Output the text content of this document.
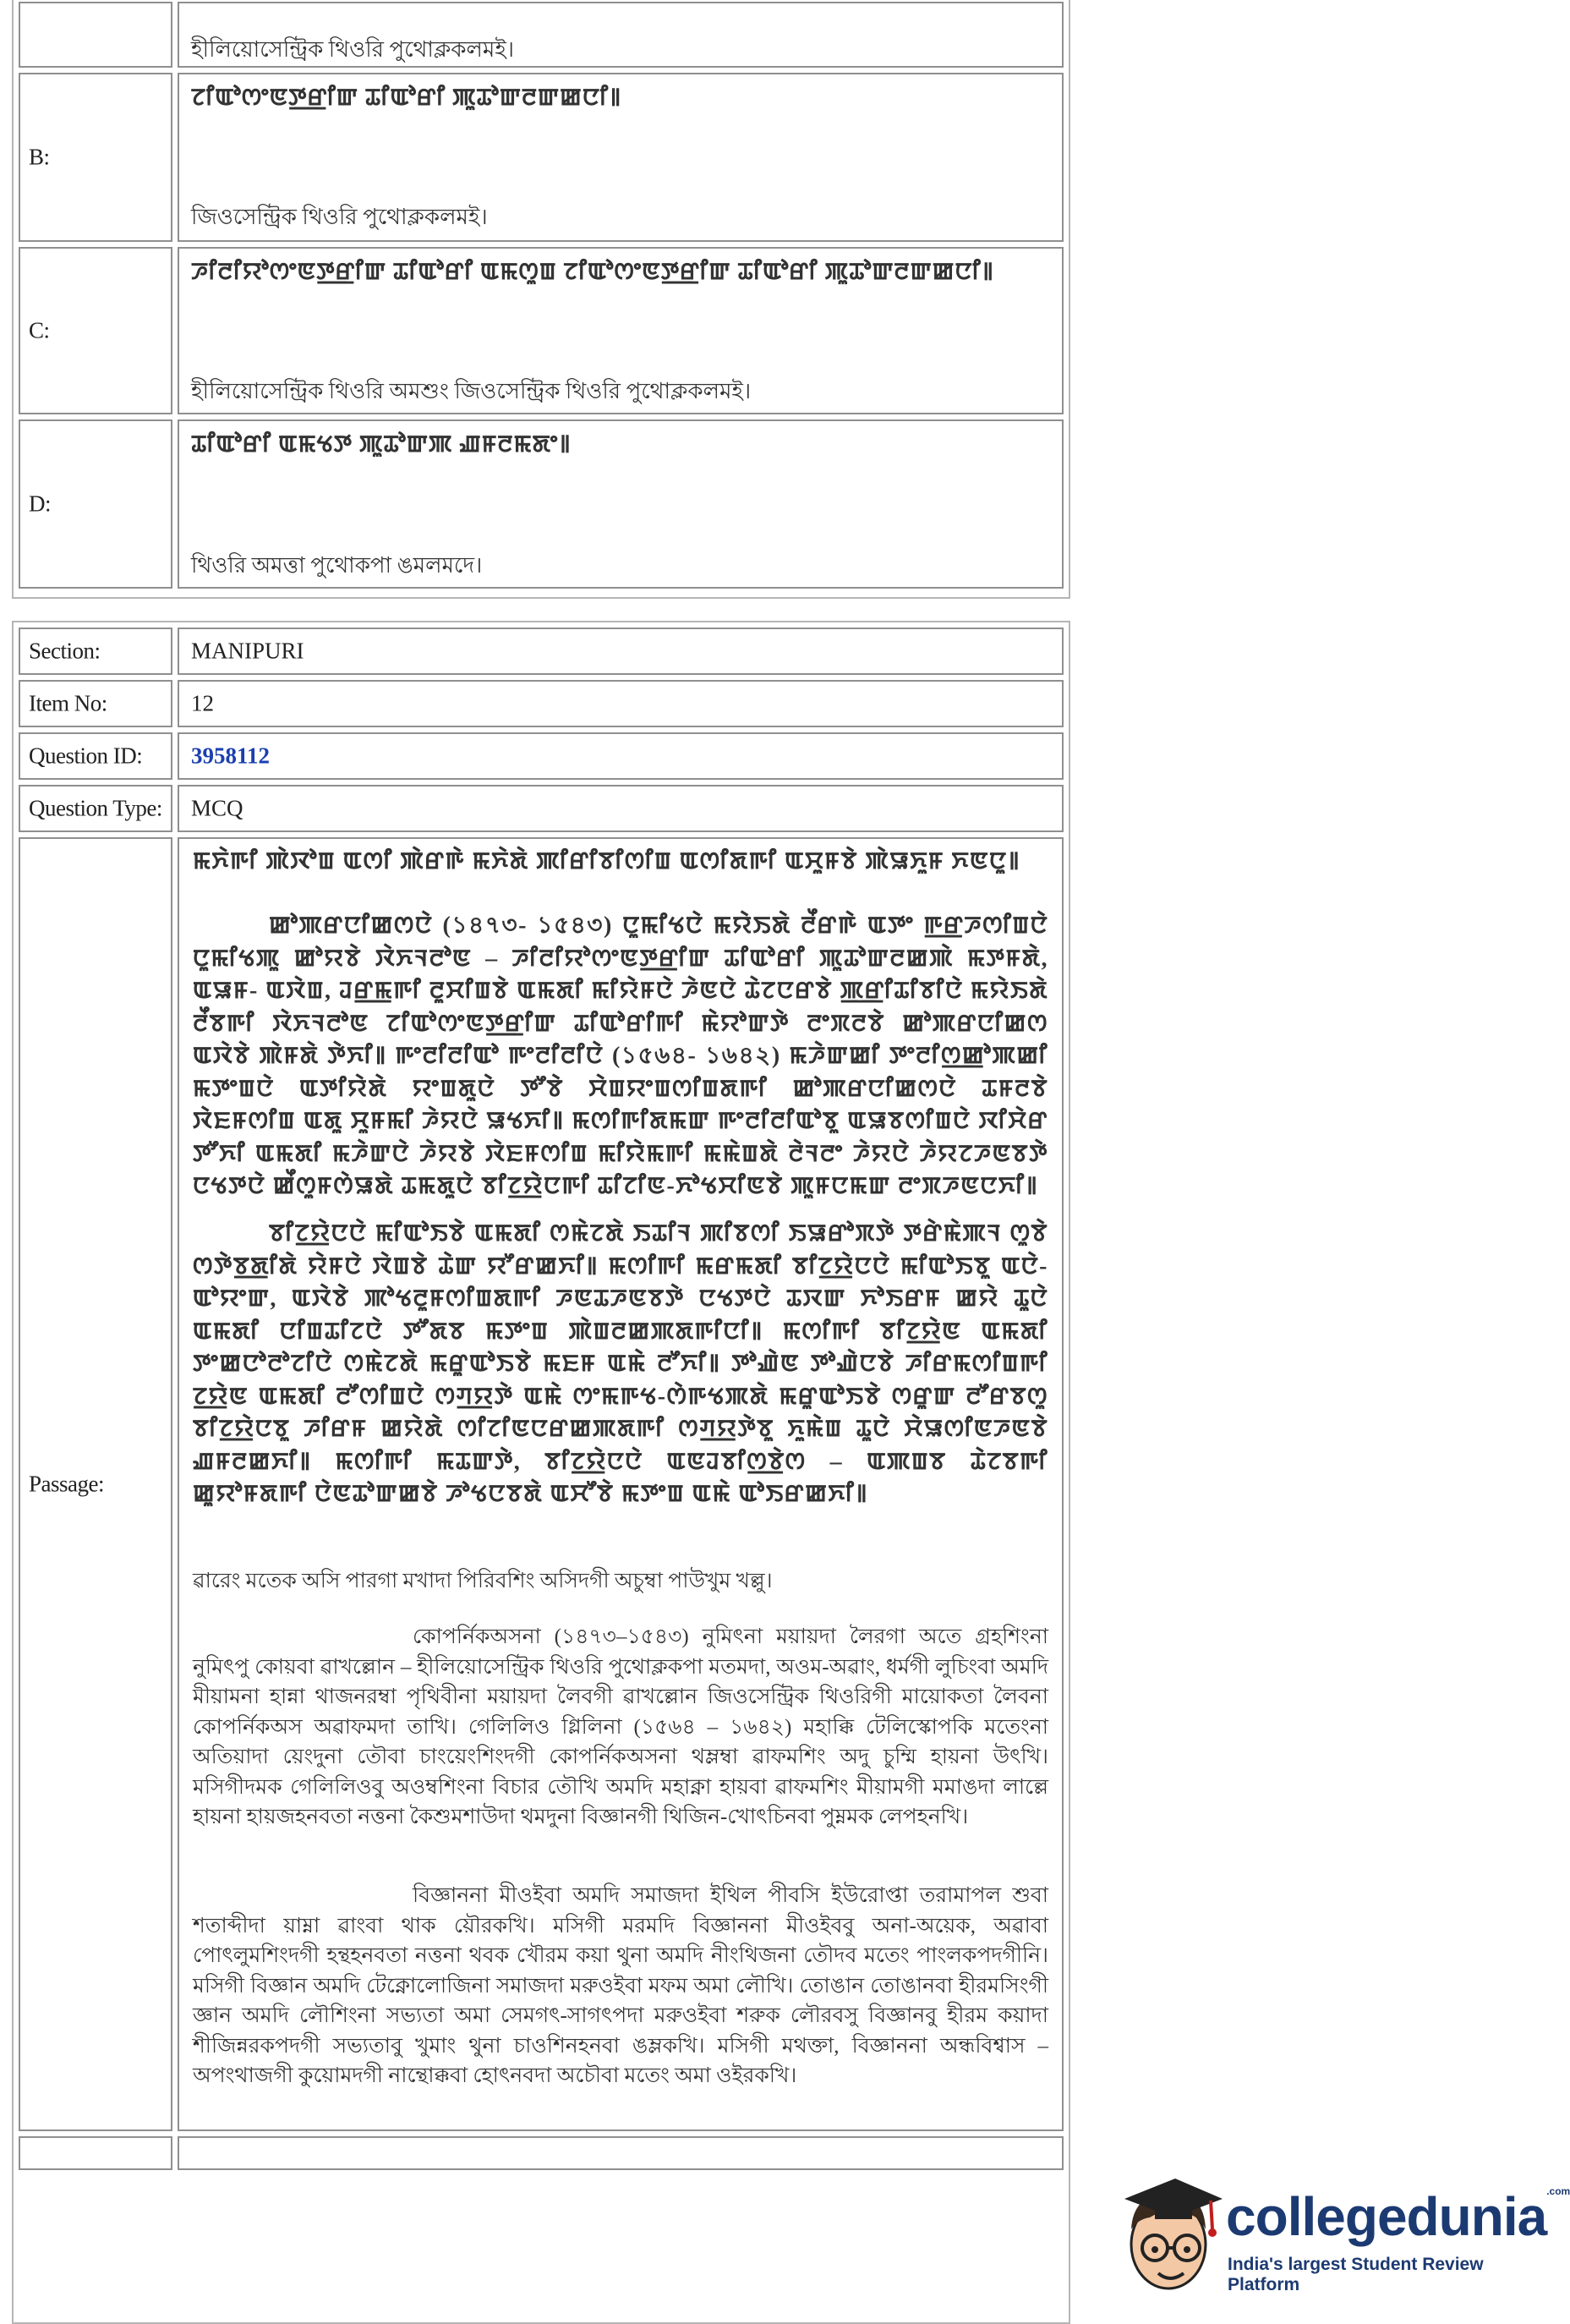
হীলিয়োসেন্ট্রিক থিওরি পুথোক্লকলমই।
B:
ꯖꯤꯑꯣꯁꯦꯟꯇ꯭ꯔꯤꯛ ꯊꯤꯑꯣꯔꯤ ꯄꯨꯊꯣꯛꯂꯛꯀꯅꯤ꯫
জিওসেন্ট্রিক থিওরি পুথোক্লকলমই।
C:
ꯍꯤꯂꯤꯌꯣꯁꯦꯟꯇ꯭ꯔꯤꯛ ꯊꯤꯑꯣꯔꯤ ꯑꯃꯁꯨꯡ ꯖꯤꯑꯣꯁꯦꯟꯇ꯭ꯔꯤꯛ ꯊꯤꯑꯣꯔꯤ ꯄꯨꯊꯣꯛꯂꯛꯀꯅꯤ꯫
হীলিয়োসেন্ট্রিক থিওরি অমশুং জিওসেন্ট্রিক থিওরি পুথোক্লকলমই।
D:
ꯊꯤꯑꯣꯔꯤ ꯑꯃꯠꯇ ꯄꯨꯊꯣꯛꯄ ꯉꯝꯂꯃꯗꯦ꯫
থিওরি অমত্তা পুথোকপা ঙমলমদে।
Section:	MANIPURI
Item No:	12
Question ID: 3958112
Question Type: MCQ
Passage:
ꯃꯈꯥꯒꯤ ꯄꯥꯋꯣꯡ ꯑꯁꯤ ꯄꯥꯔꯒꯥ ꯃꯈꯥꯗꯥ ꯄꯤꯔꯤꯕꯤꯁꯤꯡ ꯑꯁꯤꯗꯒꯤ ꯑꯆꯨꯝꯕꯥ ꯄꯥꯎꯈꯨꯝ ꯈꯟꯅꯨ꯫
ꯀꯣꯄꯔꯅꯤꯀꯁꯅꯥ (১৪৭৩- ১৫৪৩) ꯅꯨꯃꯤꯠꯅꯥ ꯃꯌꯥꯏꯗꯥ ꯂꯩꯔꯒꯥ ꯑꯇꯦ ꯒ꯭ꯔꯍꯁꯤꯡꯅꯥ ꯅꯨꯃꯤꯠꯄꯨ ꯀꯣꯌꯕꯥ ꯋꯥꯈꯜꯂꯣꯟ – ꯍꯤꯂꯤꯌꯣꯁꯦꯟꯇ꯭ꯔꯤꯛ ꯊꯤꯑꯣꯔꯤ ꯄꯨꯊꯣꯛꯂꯀꯄꯥ ꯃꯇꯝꯗꯥ, ꯑꯎꯝ- ꯑꯋꯥꯡ, ꯙꯔ꯭ꯃꯒꯤ ꯂꯨꯆꯤꯡꯕꯥ ꯑꯃꯗꯤ ꯃꯤꯌꯥꯝꯅꯥ ꯍꯥꯟꯅꯥ ꯊꯥꯖꯅꯔꯕꯥ ꯄ꯭ꯔꯤꯊꯤꯕꯤꯅꯥ ꯃꯌꯥꯏꯗꯥ ꯂꯩꯕꯒꯤ ꯋꯥꯈꯜꯂꯣꯟ ꯖꯤꯑꯣꯁꯦꯟꯇ꯭ꯔꯤꯛ ꯊꯤꯑꯣꯔꯤꯒꯤ ꯃꯥꯌꯣꯛꯇꯥ ꯂꯦꯞꯂꯕꯥ ꯀꯣꯄꯔꯅꯤꯀꯁ ꯑꯋꯥꯕꯥ ꯄꯥꯝꯗꯥ ꯇꯥꯈꯤ꯫ ꯒꯦꯂꯤꯂꯤꯑꯣ ꯒꯦꯂꯤꯂꯤꯅꯥ (১৫৬৪- ১৬৪২) ꯃꯍꯥꯛꯀꯤ ꯇꯦꯂꯤꯁ꯭ꯀꯣꯄꯀꯤ ꯃꯇꯦꯡꯅꯥ ꯑꯇꯤꯌꯥꯗꯥ ꯌꯦꯡꯗꯨꯅꯥ ꯇꯧꯕꯥ ꯆꯥꯡꯌꯦꯡꯁꯤꯡꯗꯒꯤ ꯀꯣꯄꯔꯅꯤꯀꯁꯅꯥ ꯊꯝꯂꯕꯥ ꯋꯥꯐꯝꯁꯤꯡ ꯑꯗꯨ ꯆꯨꯝꯃꯤ ꯍꯥꯌꯅꯥ ꯎꯠꯈꯤ꯫ ꯃꯁꯤꯒꯤꯗꯃꯛ ꯒꯦꯂꯤꯂꯤꯑꯣꯕꯨ ꯑꯎꯕꯁꯤꯡꯅꯥ ꯋꯤꯆꯥꯔ ꯇꯧꯈꯤ ꯑꯃꯗꯤ ꯃꯍꯥꯛꯅꯥ ꯍꯥꯌꯕꯥ ꯋꯥꯐꯝꯁꯤꯡ ꯃꯤꯌꯥꯃꯒꯤ ꯃꯃꯥꯡꯗꯥ ꯂꯥꯜꯂꯦ ꯍꯥꯌꯅꯥ ꯍꯥꯌꯖꯍꯟꯕꯇꯥ ꯅꯠꯇꯅꯥ ꯀꯩꯁꯨꯝꯁꯥꯎꯗꯥ ꯊꯃꯗꯨꯅꯥ ꯕꯤꯖ꯭ꯌꯥꯅꯒꯤ ꯊꯤꯖꯤꯟ-ꯈꯣꯠꯆꯤꯟꯕꯥ ꯄꯨꯝꯅꯃꯛ ꯂꯦꯞꯍꯟꯅꯈꯤ꯫
ꯕꯤꯖ꯭ꯌꯥꯅꯅꯥ ꯃꯤꯑꯣꯏꯕꯥ ꯑꯃꯗꯤ ꯁꯃꯥꯖꯗꯥ ꯏꯊꯤꯜ ꯄꯤꯕꯁꯤ ꯏꯎꯔꯣꯞꯇꯥ ꯇꯔꯥꯃꯥꯄꯜ ꯁꯨꯕꯥ ꯁꯇꯥꯕ꯭ꯗꯤꯗꯥ ꯌꯥꯝꯅꯥ ꯋꯥꯡꯕꯥ ꯊꯥꯛ ꯌꯧꯔꯀꯈꯤ꯫ ꯃꯁꯤꯒꯤ ꯃꯔꯃꯗꯤ ꯕꯤꯖ꯭ꯌꯥꯅꯅꯥ ꯃꯤꯑꯣꯏꯕꯨ ꯑꯅꯥ-ꯑꯣꯌꯦꯛ, ꯑꯋꯥꯕꯥ ꯄꯣꯠꯂꯨꯝꯁꯤꯡꯗꯒꯤ ꯍꯟꯊꯍꯟꯕꯇꯥ ꯅꯠꯇꯅꯥ ꯊꯋꯛ ꯈꯣꯏꯔꯝ ꯀꯌꯥ ꯊꯨꯅꯥ ꯑꯃꯗꯤ ꯅꯤꯡꯊꯤꯖꯅꯥ ꯇꯧꯗꯕ ꯃꯇꯦꯡ ꯄꯥꯡꯂꯀꯄꯗꯒꯤꯅꯤ꯫ ꯃꯁꯤꯒꯤ ꯕꯤꯖ꯭ꯌꯥꯟ ꯑꯃꯗꯤ ꯇꯦꯀꯅꯣꯂꯣꯖꯤꯅꯥ ꯁꯃꯥꯖꯗꯥ ꯃꯔꯨꯑꯣꯏꯕꯥ ꯃꯐꯝ ꯑꯃꯥ ꯂꯧꯈꯤ꯫ ꯇꯣꯉꯥꯟ ꯇꯣꯉꯥꯅꯕꯥ ꯍꯤꯔꯃꯁꯤꯡꯒꯤ ꯖ꯭ꯌꯥꯟ ꯑꯃꯗꯤ ꯂꯧꯁꯤꯡꯅꯥ ꯁꯚ꯭ꯌꯇꯥ ꯑꯃꯥ ꯁꯦꯃꯒꯠ-ꯁꯥꯒꯠꯄꯗꯥ ꯃꯔꯨꯑꯣꯏꯕꯥ ꯁꯔꯨꯛ ꯂꯧꯔꯕꯁꯨ ꯕꯤꯖ꯭ꯌꯥꯅꯕꯨ ꯍꯤꯔꯝ ꯀꯌꯥꯗꯥ ꯁꯤꯖꯤꯟꯅꯔꯀꯄꯗꯒꯤ ꯁꯚ꯭ꯌꯇꯥꯕꯨ ꯈꯨꯃꯥꯡ ꯊꯨꯅꯥ ꯆꯥꯎꯁꯤꯟꯍꯟꯕꯥ ꯉꯝꯂꯀꯈꯤ꯫ ꯃꯁꯤꯒꯤ ꯃꯊꯛꯇꯥ, ꯕꯤꯖ꯭ꯌꯥꯅꯅꯥ ꯑꯟꯙꯕꯤꯁ꯭ꯕꯥꯁ – ꯑꯄꯡꯕ ꯊꯥꯖꯕꯒꯤ ꯀꯨꯌꯣꯝꯗꯒꯤ ꯅꯥꯟꯊꯣꯛꯀꯕꯥ ꯍꯣꯠꯅꯕꯗꯥ ꯑꯆꯧꯕꯥ ꯃꯇꯦꯡ ꯑꯃꯥ ꯑꯣꯏꯔꯀꯈꯤ꯫
ৱারেং মতেক অসি পারগা মখাদা পিরিবশিং অসিদগী অচুম্বা পাউখুম খল্লু।
কোপর্নিকঅসনা (১৪৭৩–১৫৪৩) নুমিৎনা ময়ায়দা লৈরগা অতে গ্রহশিংনা নুমিৎপু কোয়বা ৱাখল্লোন – হীলিয়োসেন্ট্রিক থিওরি পুথোক্লকপা মতমদা, অওম-অৱাং, ধর্মগী লুচিংবা অমদি মীয়ামনা হান্না থাজনরম্বা পৃথিবীনা ময়ায়দা লৈবগী ৱাখল্লোন জিওসেন্ট্রিক থিওরিগী মায়োকতা লৈবনা কোপর্নিকঅস অৱাফমদা তাখি। গেলিলিও গ্লিলিনা (১৫৬৪ – ১৬৪২) মহাক্কি টেলিস্কোপকি মতেংনা অতিয়াদা য়েংদুনা তৌবা চাংয়েংশিংদগী কোপর্নিকঅসনা থম্লম্বা ৱাফমশিং অদু চুম্মি হায়না উৎখি। মসিগীদমক গেলিলিওবু অওম্বশিংনা বিচার তৌখি অমদি মহাক্না হায়বা ৱাফমশিং মীয়ামগী মমাঙদা লাল্লে হায়না হায়জহনবতা নত্তনা কৈশুমশাউদা থমদুনা বিজ্ঞানগী থিজিন-খোৎচিনবা পুম্নমক লেপহনখি।
বিজ্ঞাননা মীওইবা অমদি সমাজদা ইথিল পীবসি ইউরোপ্তা তরামাপল শুবা শতাব্দীদা য়াম্না ৱাংবা থাক য়ৌরকখি। মসিগী মরমদি বিজ্ঞাননা মীওইববু অনা-অয়েক, অৱাবা পোৎলুমশিংদগী হন্থহনবতা নত্তনা থবক খৌরম কয়া থুনা অমদি নীংথিজনা তৌদব মতেং পাংলকপদগীনি। মসিগী বিজ্ঞান অমদি টেক্নোলোজিনা সমাজদা মরুওইবা মফম অমা লৌখি। তোঙান তোঙানবা হীরমসিংগী জ্ঞান অমদি লৌশিংনা সভ্যতা অমা সেমগৎ-সাগৎপদা মরুওইবা শরুক লৌরবসু বিজ্ঞানবু হীরম কয়াদা শীজিন্নরকপদগী সভ্যতাবু খুমাং থুনা চাওশিনহনবা ঙম্লকখি। মসিগী মথক্তা, বিজ্ঞাননা অন্ধবিশ্বাস – অপংথাজগী কুয়োমদগী নান্থোক্কবা হোৎনবদা অচৌবা মতেং অমা ওইরকখি।
collegedunia$^{.com}$
India's largest Student Review Platform
